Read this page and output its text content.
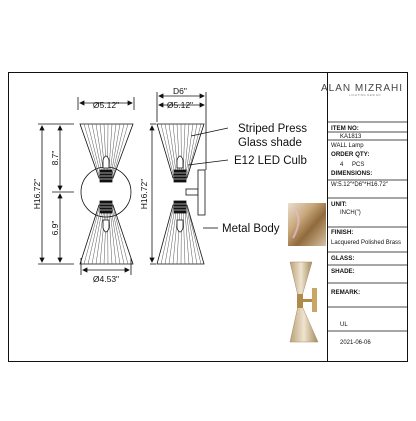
ALAN MIZRAHI
LIGHTING DESIGN
Ø5.12"
H16.72"
8.7"
6.9"
Ø4.53"
D6"
Ø5.12"
H16.72"
Striped Press
Glass shade
E12 LED Culb
Metal Body
ITEM NO:
KA1813
WALL Lamp
ORDER QTY:
4 PCS
DIMENSIONS:
W:5.12"*D6"*H16.72"
UNIT:
INCH(")
FINISH:
Lacquered Polished Brass
GLASS:
SHADE:
REMARK:
UL
2021-06-06
